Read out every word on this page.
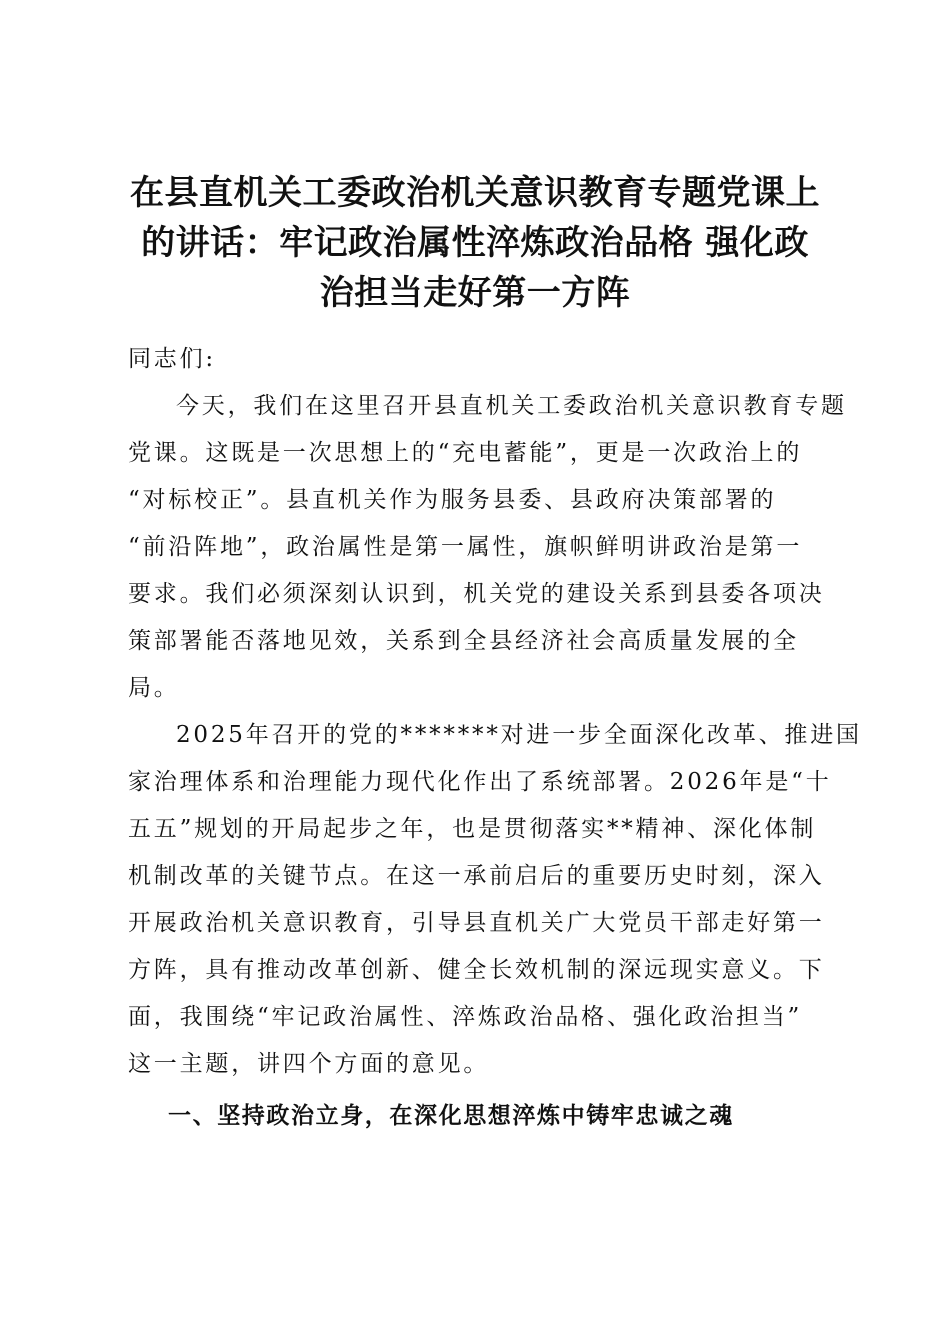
在县直机关工委政治机关意识教育专题党课上
的讲话：牢记政治属性淬炼政治品格 强化政
治担当走好第一方阵
同志们:
今天，我们在这里召开县直机关工委政治机关意识教育专题
党课。这既是一次思想上的“充电蓄能”，更是一次政治上的
“对标校正”。县直机关作为服务县委、县政府决策部署的
“前沿阵地”，政治属性是第一属性，旗帜鲜明讲政治是第一
要求。我们必须深刻认识到，机关党的建设关系到县委各项决
策部署能否落地见效，关系到全县经济社会高质量发展的全
局。
2025年召开的党的*******对进一步全面深化改革、推进国
家治理体系和治理能力现代化作出了系统部署。2026年是“十
五五”规划的开局起步之年，也是贯彻落实**精神、深化体制
机制改革的关键节点。在这一承前启后的重要历史时刻，深入
开展政治机关意识教育，引导县直机关广大党员干部走好第一
方阵，具有推动改革创新、健全长效机制的深远现实意义。下
面，我围绕“牢记政治属性、淬炼政治品格、强化政治担当”
这一主题，讲四个方面的意见。
一、坚持政治立身，在深化思想淬炼中铸牢忠诚之魂
